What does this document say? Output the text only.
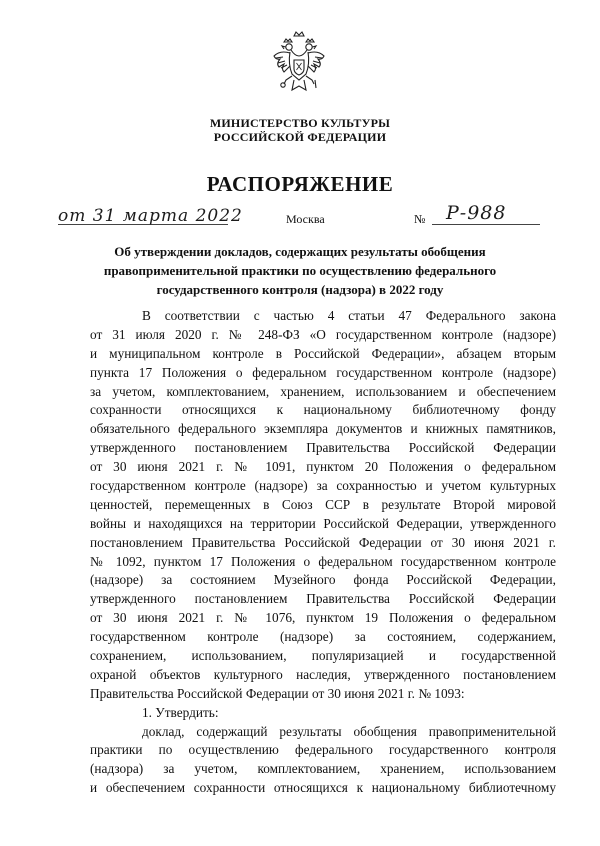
МИНИСТЕРСТВО КУЛЬТУРЫ
РОССИЙСКОЙ ФЕДЕРАЦИИ
РАСПОРЯЖЕНИЕ
от 31 марта 2022	Москва	№ Р-988
Об утверждении докладов, содержащих результаты обобщения
правоприменительной практики по осуществлению федерального
государственного контроля (надзора) в 2022 году
В соответствии с частью 4 статьи 47 Федерального закона
от 31 июля 2020 г. № 248-ФЗ «О государственном контроле (надзоре)
и муниципальном контроле в Российской Федерации», абзацем вторым
пункта 17 Положения о федеральном государственном контроле (надзоре)
за учетом, комплектованием, хранением, использованием и обеспечением
сохранности относящихся к национальному библиотечному фонду
обязательного федерального экземпляра документов и книжных памятников,
утвержденного постановлением Правительства Российской Федерации
от 30 июня 2021 г. № 1091, пунктом 20 Положения о федеральном
государственном контроле (надзоре) за сохранностью и учетом культурных
ценностей, перемещенных в Союз ССР в результате Второй мировой
войны и находящихся на территории Российской Федерации, утвержденного
постановлением Правительства Российской Федерации от 30 июня 2021 г.
№ 1092, пунктом 17 Положения о федеральном государственном контроле
(надзоре) за состоянием Музейного фонда Российской Федерации,
утвержденного постановлением Правительства Российской Федерации
от 30 июня 2021 г. № 1076, пунктом 19 Положения о федеральном
государственном контроле (надзоре) за состоянием, содержанием,
сохранением, использованием, популяризацией и государственной
охраной объектов культурного наследия, утвержденного постановлением
Правительства Российской Федерации от 30 июня 2021 г. № 1093:
1. Утвердить:
доклад, содержащий результаты обобщения правоприменительной
практики по осуществлению федерального государственного контроля
(надзора) за учетом, комплектованием, хранением, использованием
и обеспечением сохранности относящихся к национальному библиотечному
